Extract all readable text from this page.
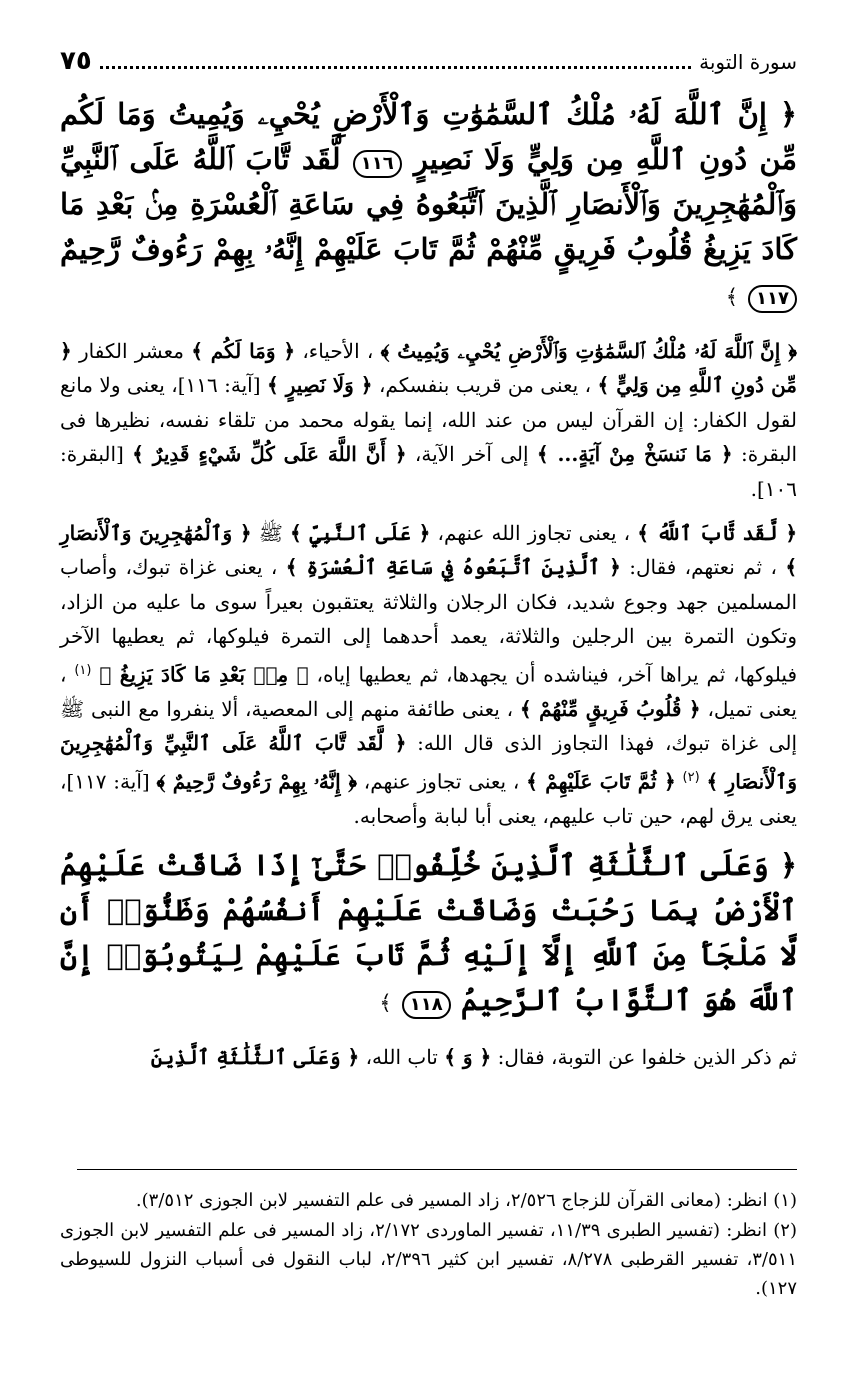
سورة التوبة
٧٥
﴿ إِنَّ ٱللَّهَ لَهُۥ مُلْكُ ٱلسَّمَٰوَٰتِ وَٱلْأَرْضِ يُحْيِۦ وَيُمِيتُ وَمَا لَكُم مِّن دُونِ ٱللَّهِ مِن وَلِيٍّ وَلَا نَصِيرٍ ١١٦ لَّقَد تَّابَ ٱللَّهُ عَلَى ٱلنَّبِيِّ وَٱلْمُهَٰجِرِينَ وَٱلْأَنصَارِ ٱلَّذِينَ ٱتَّبَعُوهُ فِي سَاعَةِ ٱلْعُسْرَةِ مِنۢ بَعْدِ مَا كَادَ يَزِيغُ قُلُوبُ فَرِيقٍ مِّنْهُمْ ثُمَّ تَابَ عَلَيْهِمْ إِنَّهُۥ بِهِمْ رَءُوفٌ رَّحِيمٌ ١١٧ ﴾

﴿ إِنَّ ٱللَّهَ لَهُۥ مُلْكُ ٱلسَّمَٰوَٰتِ وَٱلْأَرْضِ يُحْيِۦ وَيُمِيتُ ﴾ ، الأحياء، ﴿ وَمَا لَكُم ﴾ معشر الكفار ﴿ مِّن دُونِ ٱللَّهِ مِن وَلِيٍّ ﴾ ، يعنى من قريب بنفسكم، ﴿ وَلَا نَصِيرٍ ﴾ [آية: ١١٦]، يعنى ولا مانع لقول الكفار: إن القرآن ليس من عند الله، إنما يقوله محمد من تلقاء نفسه، نظيرها فى البقرة: ﴿ مَا نَنسَخْ مِنْ آيَةٍ... ﴾ إلى آخر الآية، ﴿ أَنَّ اللَّهَ عَلَى كُلِّ شَيْءٍ قَدِيرٌ ﴾ [البقرة: ١٠٦].

﴿ لَّقَد تَّابَ ٱللَّهُ ﴾ ، يعنى تجاوز الله عنهم، ﴿ عَلَى ٱلنَّبِيِّ ﴾ ﷺ ﴿ وَٱلْمُهَٰجِرِينَ وَٱلْأَنصَارِ ﴾ ، ثم نعتهم، فقال: ﴿ ٱلَّذِينَ ٱتَّبَعُوهُ فِي سَاعَةِ ٱلْعُسْرَةِ ﴾ ، يعنى غزاة تبوك، وأصاب المسلمين جهد وجوع شديد، فكان الرجلان والثلاثة يعتقبون بعيراً سوى ما عليه من الزاد، وتكون التمرة بين الرجلين والثلاثة، يعمد أحدهما إلى التمرة فيلوكها، ثم يعطيها الآخر فيلوكها، ثم يراها آخر، فيناشده أن يجهدها، ثم يعطيها إياه، ﴿ مِنۢ بَعْدِ مَا كَادَ يَزِيغُ ﴾ $^{(١)}$ ، يعنى تميل، ﴿ قُلُوبُ فَرِيقٍ مِّنْهُمْ ﴾ ، يعنى طائفة منهم إلى المعصية، ألا ينفروا مع النبى ﷺ إلى غزاة تبوك، فهذا التجاوز الذى قال الله: ﴿ لَّقَد تَّابَ ٱللَّهُ عَلَى ٱلنَّبِيِّ وَٱلْمُهَٰجِرِينَ وَٱلْأَنصَارِ ﴾ $^{(٢)}$ ﴿ ثُمَّ تَابَ عَلَيْهِمْ ﴾ ، يعنى تجاوز عنهم، ﴿ إِنَّهُۥ بِهِمْ رَءُوفٌ رَّحِيمٌ ﴾ [آية: ١١٧]، يعنى يرق لهم، حين تاب عليهم، يعنى أبا لبابة وأصحابه.

﴿ وَعَلَى ٱلثَّلَٰثَةِ ٱلَّذِينَ خُلِّفُوا۟ حَتَّىٰٓ إِذَا ضَاقَتْ عَلَيْهِمُ ٱلْأَرْضُ بِمَا رَحُبَتْ وَضَاقَتْ عَلَيْهِمْ أَنفُسُهُمْ وَظَنُّوٓا۟ أَن لَّا مَلْجَأَ مِنَ ٱللَّهِ إِلَّآ إِلَيْهِ ثُمَّ تَابَ عَلَيْهِمْ لِيَتُوبُوٓا۟ إِنَّ ٱللَّهَ هُوَ ٱلتَّوَّابُ ٱلرَّحِيمُ ١١٨ ﴾

ثم ذكر الذين خلفوا عن التوبة، فقال: ﴿ وَ ﴾ تاب الله، ﴿ وَعَلَى ٱلثَّلَٰثَةِ ٱلَّذِينَ

(١) انظر: (معانى القرآن للزجاج ٢/٥٢٦، زاد المسير فى علم التفسير لابن الجوزى ٣/٥١٢).
(٢) انظر: (تفسير الطبرى ١١/٣٩، تفسير الماوردى ٢/١٧٢، زاد المسير فى علم التفسير لابن الجوزى ٣/٥١١، تفسير القرطبى ٨/٢٧٨، تفسير ابن كثير ٢/٣٩٦، لباب النقول فى أسباب النزول للسيوطى ١٢٧).
